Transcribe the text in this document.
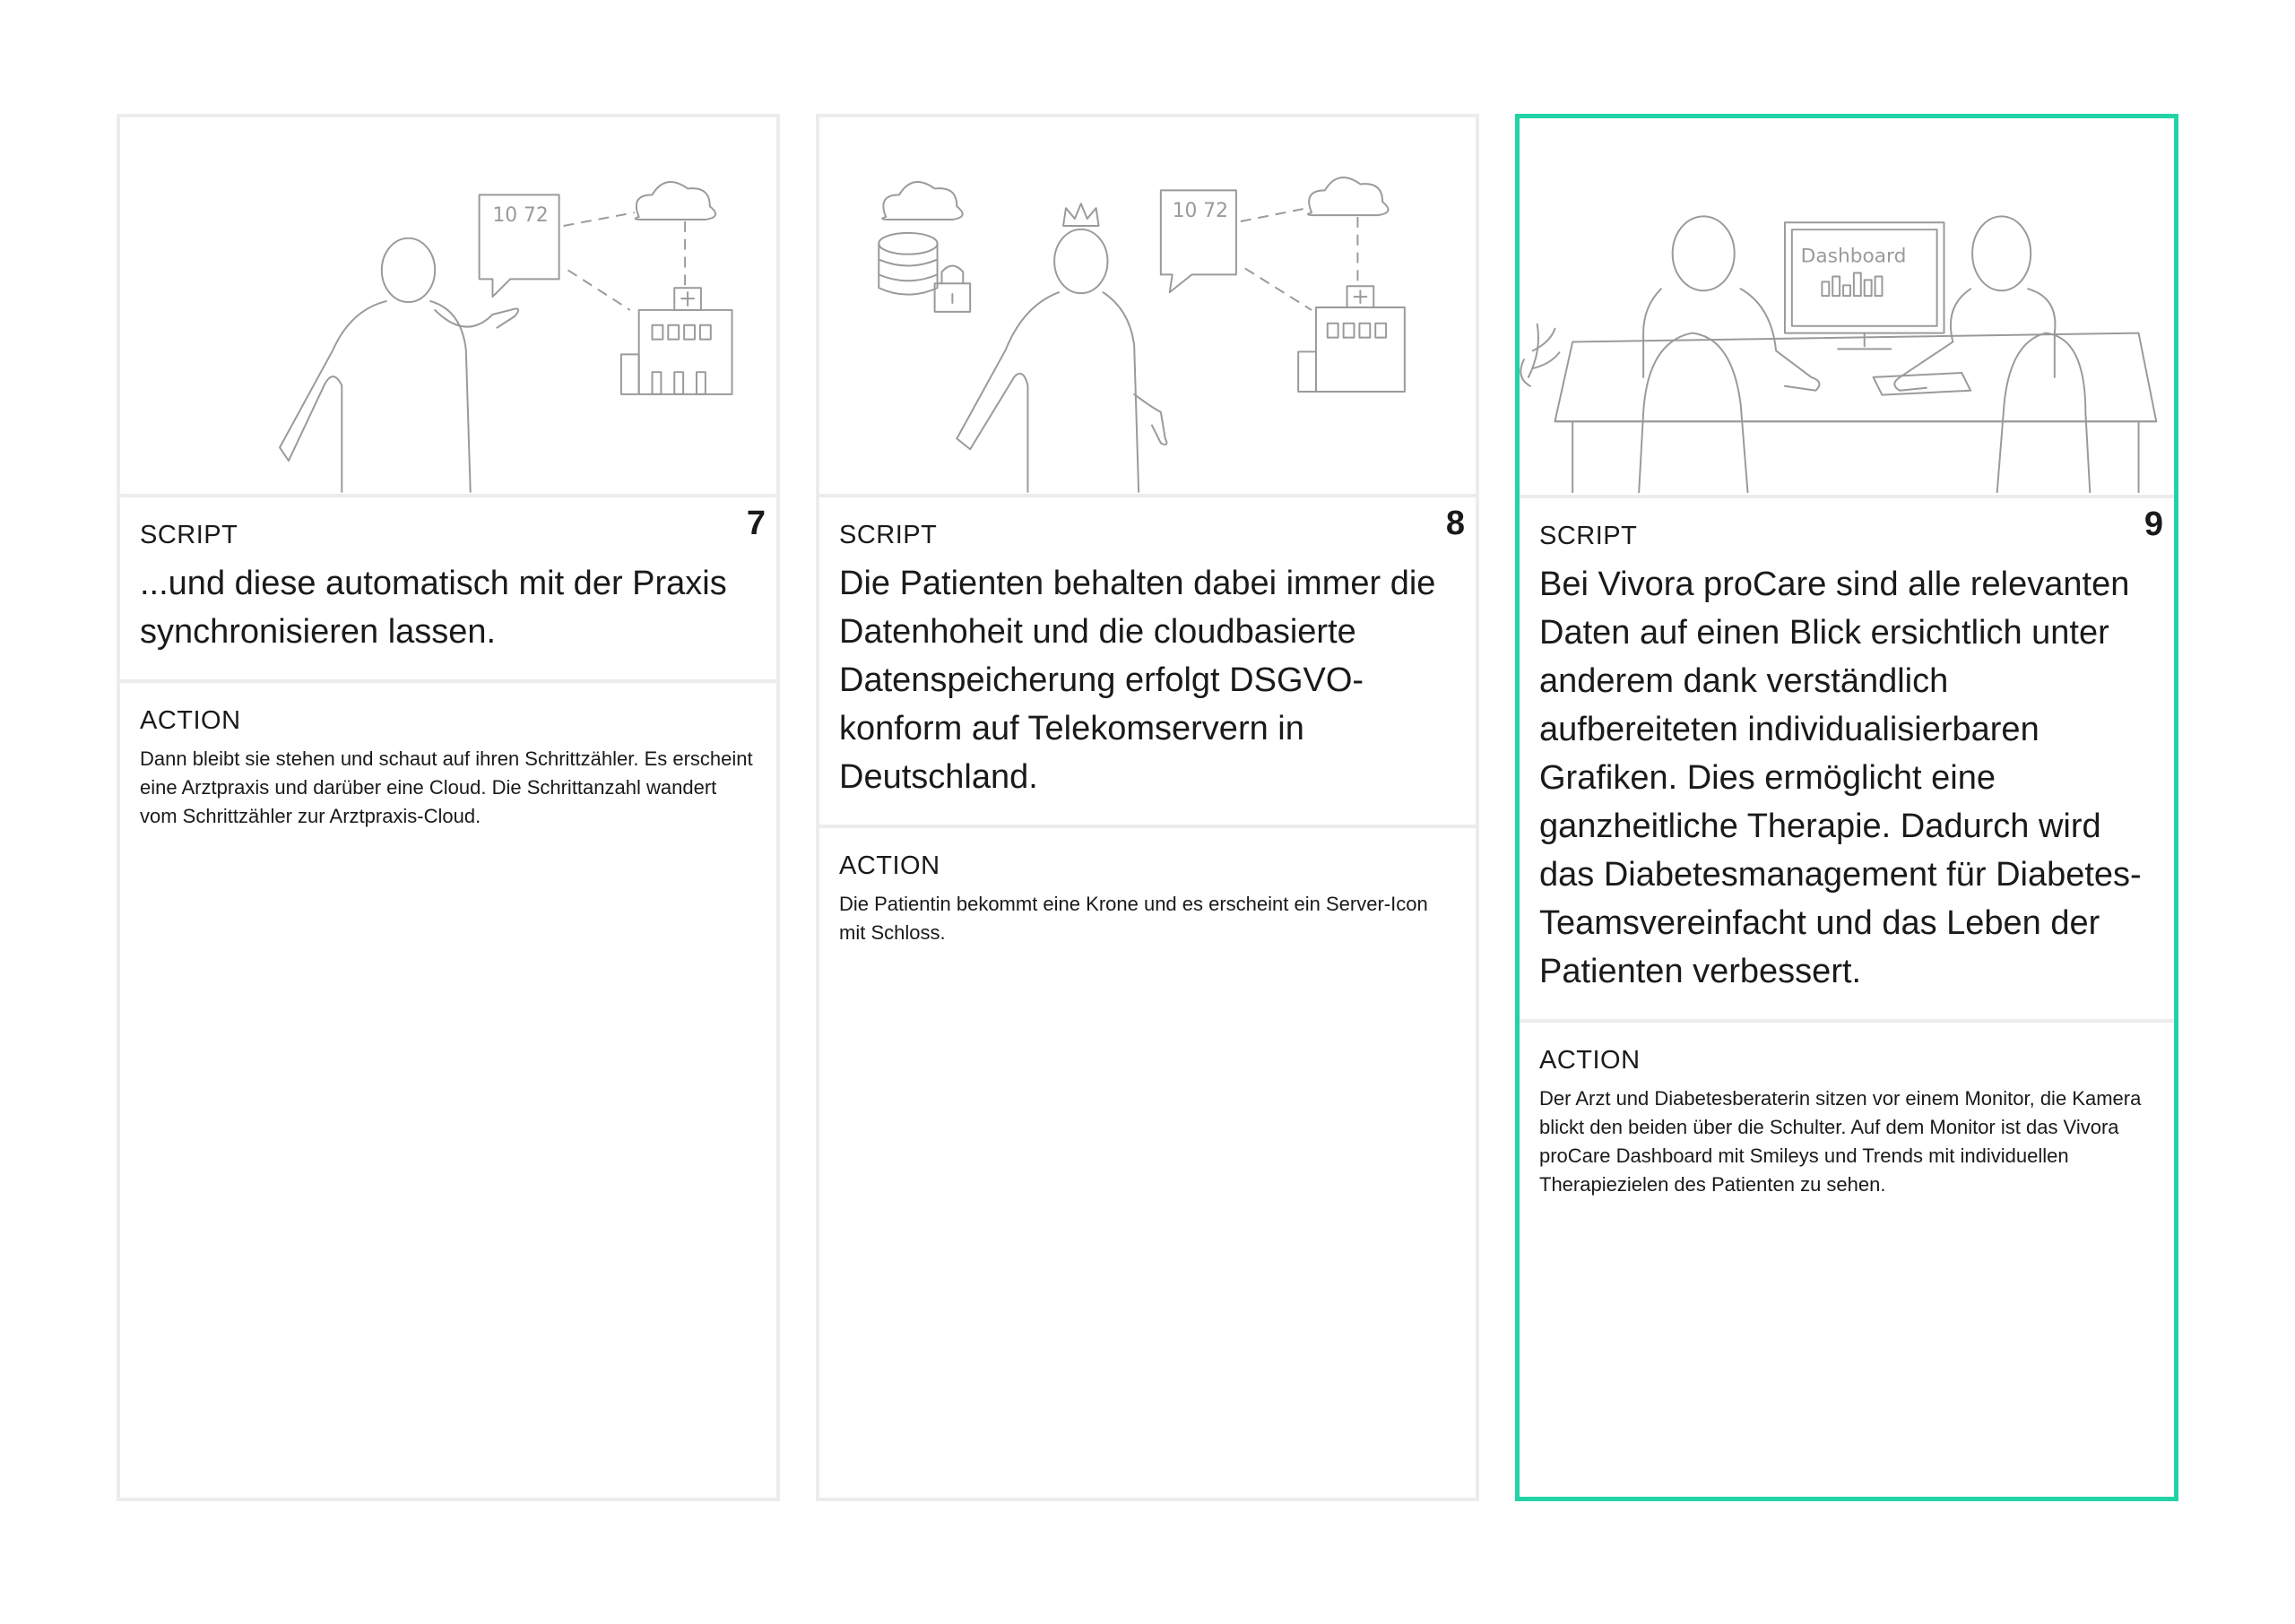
10 72
7

SCRIPT

...und diese automatisch mit der Praxis synchronisieren lassen.

ACTION

Dann bleibt sie stehen und schaut auf ihren Schrittzähler. Es erscheint eine Arztpraxis und darüber eine Cloud. Die Schrittanzahl wandert vom Schrittzähler zur Arztpraxis-Cloud.

10 72
8

SCRIPT

Die Patienten behalten dabei immer die Datenhoheit und die cloudbasierte Datenspeicherung erfolgt DSGVO-konform auf Telekomservern in Deutschland.

ACTION

Die Patientin bekommt eine Krone und es erscheint ein Server-Icon mit Schloss.

Dashboard
9

SCRIPT

Bei Vivora proCare sind alle relevanten Daten auf einen Blick ersichtlich unter anderem dank verständlich aufbereiteten individualisierbaren Grafiken. Dies ermöglicht eine ganzheitliche Therapie. Dadurch wird das Diabetesmanagement für Diabetes-Teamsvereinfacht und das Leben der Patienten verbessert.

ACTION

Der Arzt und Diabetesberaterin sitzen vor einem Monitor, die Kamera blickt den beiden über die Schulter. Auf dem Monitor ist das Vivora proCare Dashboard mit Smileys und Trends mit individuellen Therapiezielen des Patienten zu sehen.
